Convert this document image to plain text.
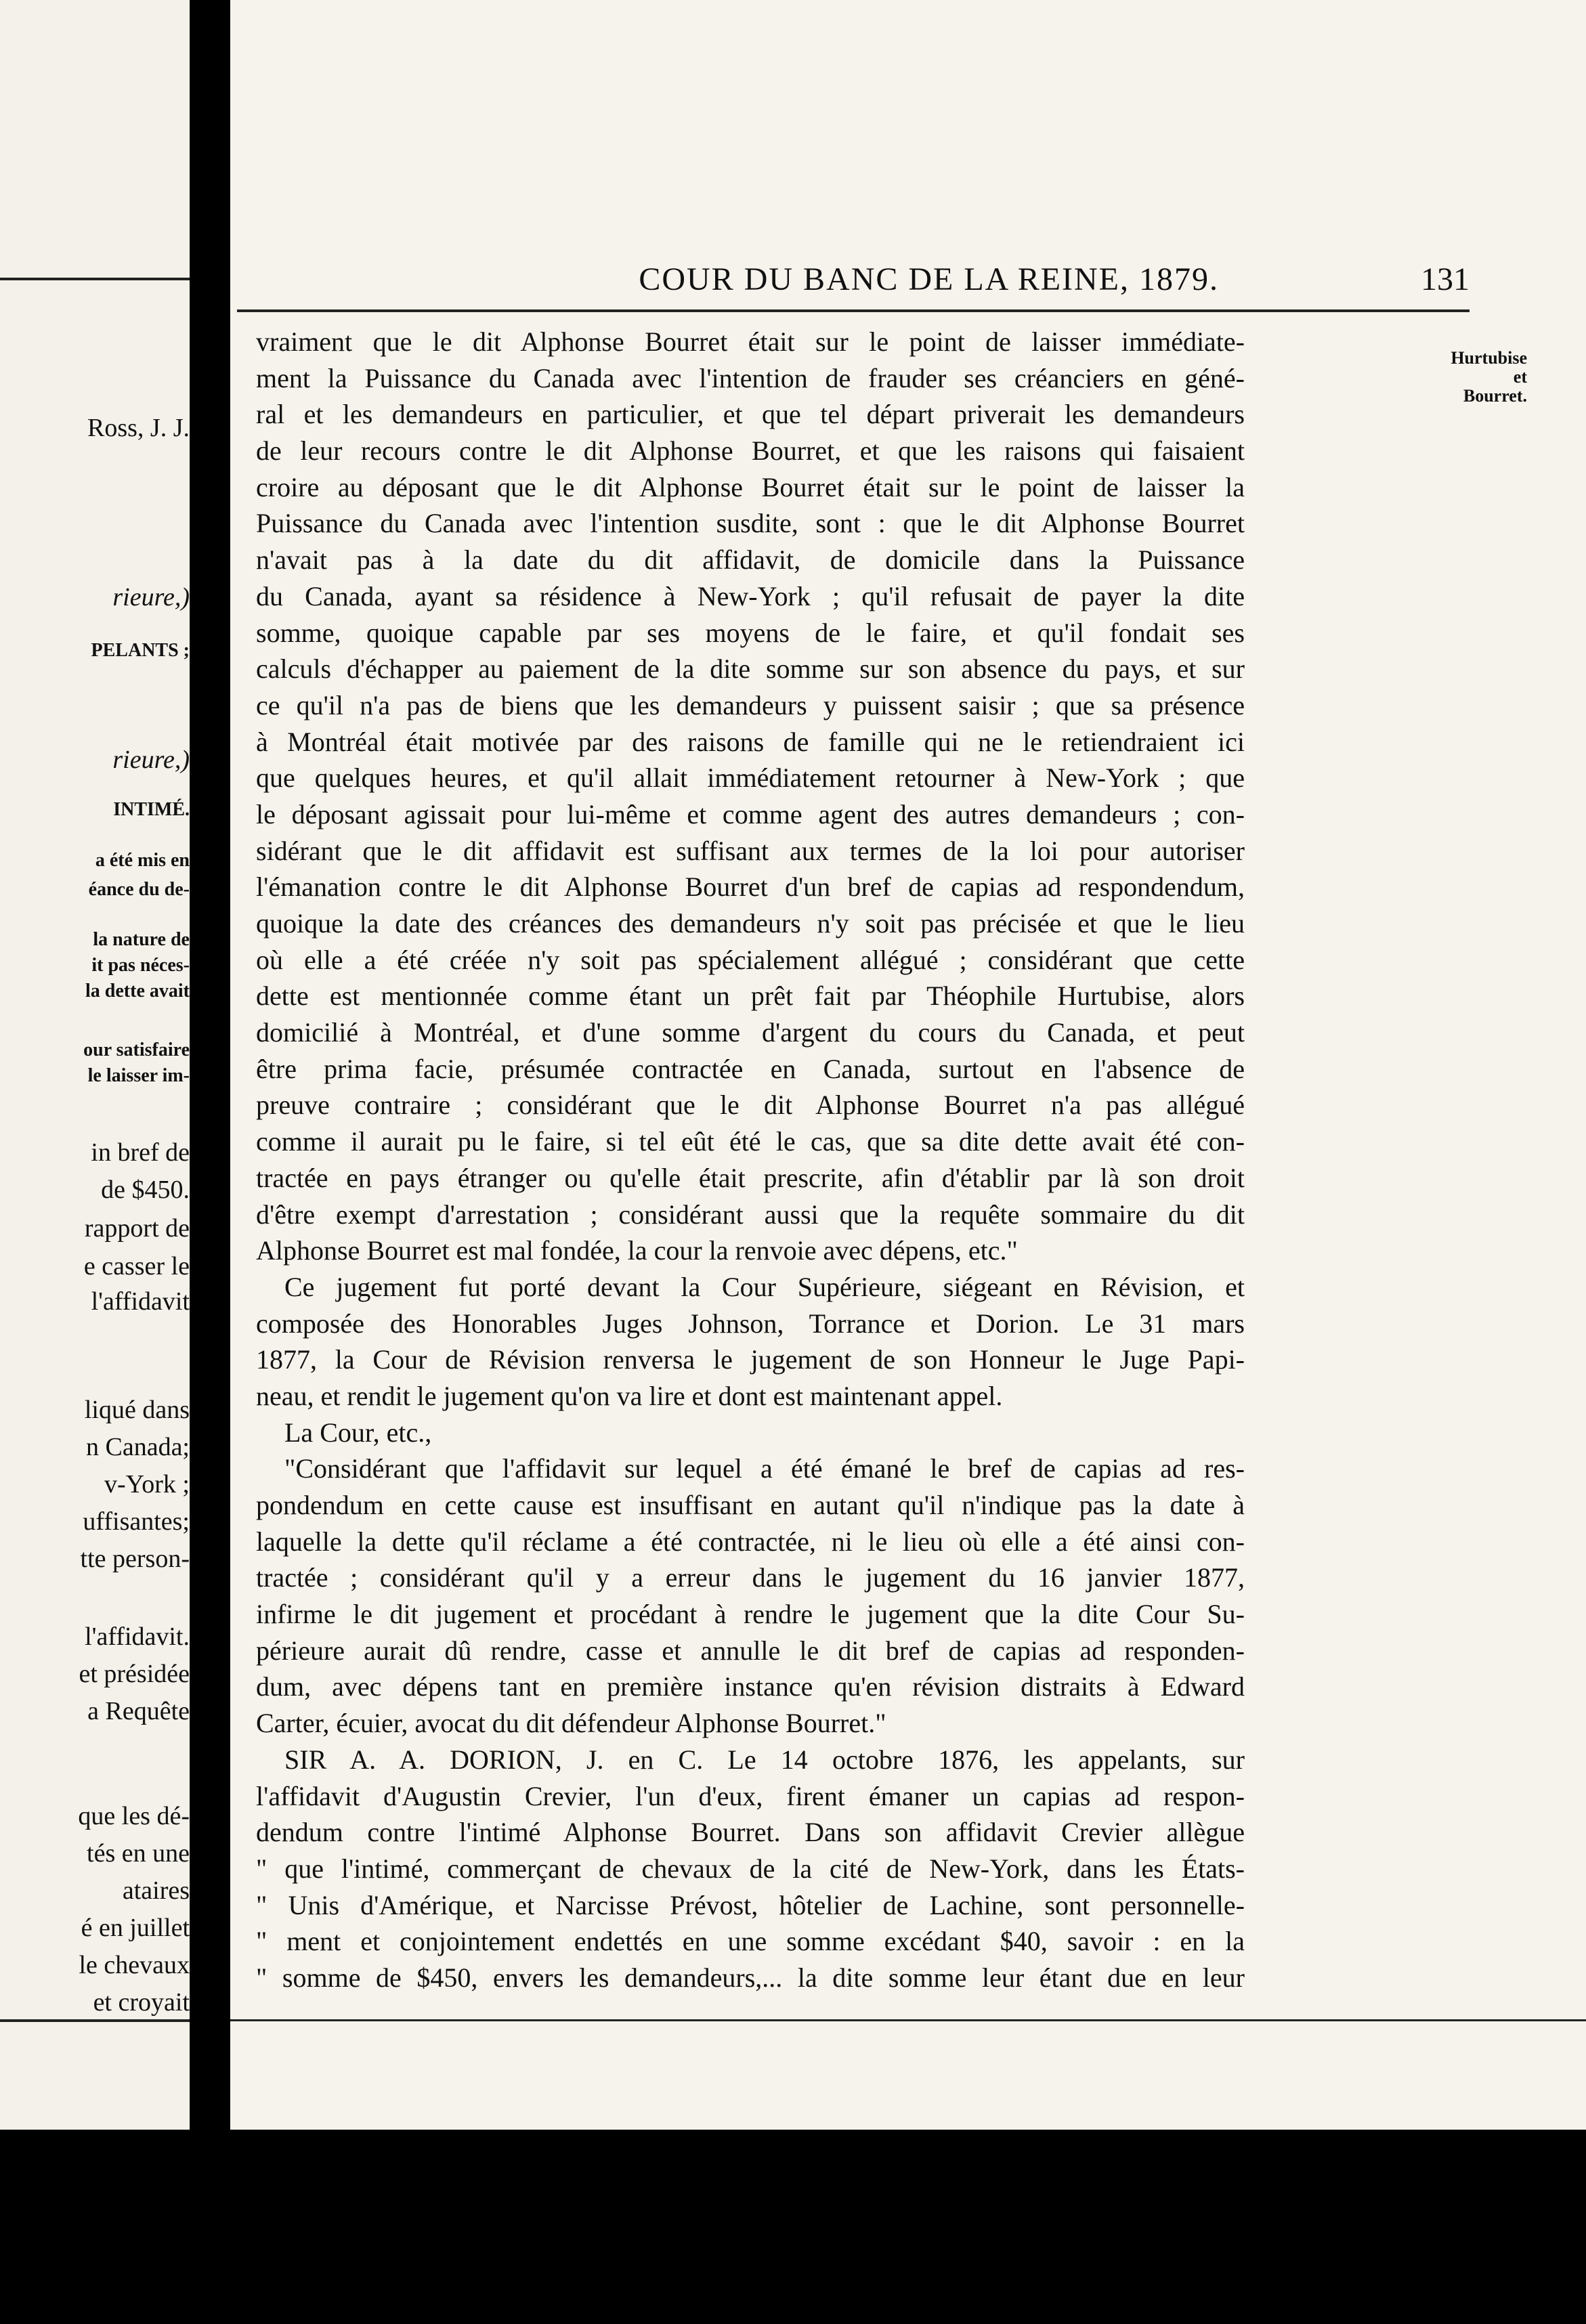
Ross, J. J.
rieure,)
PELANTS ;
rieure,)
INTIMÉ.
a été mis en
éance du de-
la nature de
it pas néces-
la dette avait
our satisfaire
le laisser im-
in bref de
de $450.
rapport de
e casser le
l'affidavit
liqué dans
n Canada;
v-York ;
uffisantes;
tte person-
l'affidavit.
et présidée
a Requête
que les dé-
tés en une
ataires
é en juillet
le chevaux
et croyait
COUR DU BANC DE LA REINE, 1879.	131
Hurtubise
et
Bourret.
vraiment que le dit Alphonse Bourret était sur le point de laisser immédiate-
ment la Puissance du Canada avec l'intention de frauder ses créanciers en géné-
ral et les demandeurs en particulier, et que tel départ priverait les demandeurs
de leur recours contre le dit Alphonse Bourret, et que les raisons qui faisaient
croire au déposant que le dit Alphonse Bourret était sur le point de laisser la
Puissance du Canada avec l'intention susdite, sont : que le dit Alphonse Bourret
n'avait pas à la date du dit affidavit, de domicile dans la Puissance
du Canada, ayant sa résidence à New-York ; qu'il refusait de payer la dite
somme, quoique capable par ses moyens de le faire, et qu'il fondait ses
calculs d'échapper au paiement de la dite somme sur son absence du pays, et sur
ce qu'il n'a pas de biens que les demandeurs y puissent saisir ; que sa présence
à Montréal était motivée par des raisons de famille qui ne le retiendraient ici
que quelques heures, et qu'il allait immédiatement retourner à New-York ; que
le déposant agissait pour lui-même et comme agent des autres demandeurs ; con-
sidérant que le dit affidavit est suffisant aux termes de la loi pour autoriser
l'émanation contre le dit Alphonse Bourret d'un bref de capias ad respondendum,
quoique la date des créances des demandeurs n'y soit pas précisée et que le lieu
où elle a été créée n'y soit pas spécialement allégué ; considérant que cette
dette est mentionnée comme étant un prêt fait par Théophile Hurtubise, alors
domicilié à Montréal, et d'une somme d'argent du cours du Canada, et peut
être prima facie, présumée contractée en Canada, surtout en l'absence de
preuve contraire ; considérant que le dit Alphonse Bourret n'a pas allégué
comme il aurait pu le faire, si tel eût été le cas, que sa dite dette avait été con-
tractée en pays étranger ou qu'elle était prescrite, afin d'établir par là son droit
d'être exempt d'arrestation ; considérant aussi que la requête sommaire du dit
Alphonse Bourret est mal fondée, la cour la renvoie avec dépens, etc."
Ce jugement fut porté devant la Cour Supérieure, siégeant en Révision, et
composée des Honorables Juges Johnson, Torrance et Dorion. Le 31 mars
1877, la Cour de Révision renversa le jugement de son Honneur le Juge Papi-
neau, et rendit le jugement qu'on va lire et dont est maintenant appel.
La Cour, etc.,
"Considérant que l'affidavit sur lequel a été émané le bref de capias ad res-
pondendum en cette cause est insuffisant en autant qu'il n'indique pas la date à
laquelle la dette qu'il réclame a été contractée, ni le lieu où elle a été ainsi con-
tractée ; considérant qu'il y a erreur dans le jugement du 16 janvier 1877,
infirme le dit jugement et procédant à rendre le jugement que la dite Cour Su-
périeure aurait dû rendre, casse et annulle le dit bref de capias ad responden-
dum, avec dépens tant en première instance qu'en révision distraits à Edward
Carter, écuier, avocat du dit défendeur Alphonse Bourret."
SIR A. A. DORION, J. en C. Le 14 octobre 1876, les appelants, sur
l'affidavit d'Augustin Crevier, l'un d'eux, firent émaner un capias ad respon-
dendum contre l'intimé Alphonse Bourret. Dans son affidavit Crevier allègue
" que l'intimé, commerçant de chevaux de la cité de New-York, dans les États-
" Unis d'Amérique, et Narcisse Prévost, hôtelier de Lachine, sont personnelle-
" ment et conjointement endettés en une somme excédant $40, savoir : en la
" somme de $450, envers les demandeurs,... la dite somme leur étant due en leur
